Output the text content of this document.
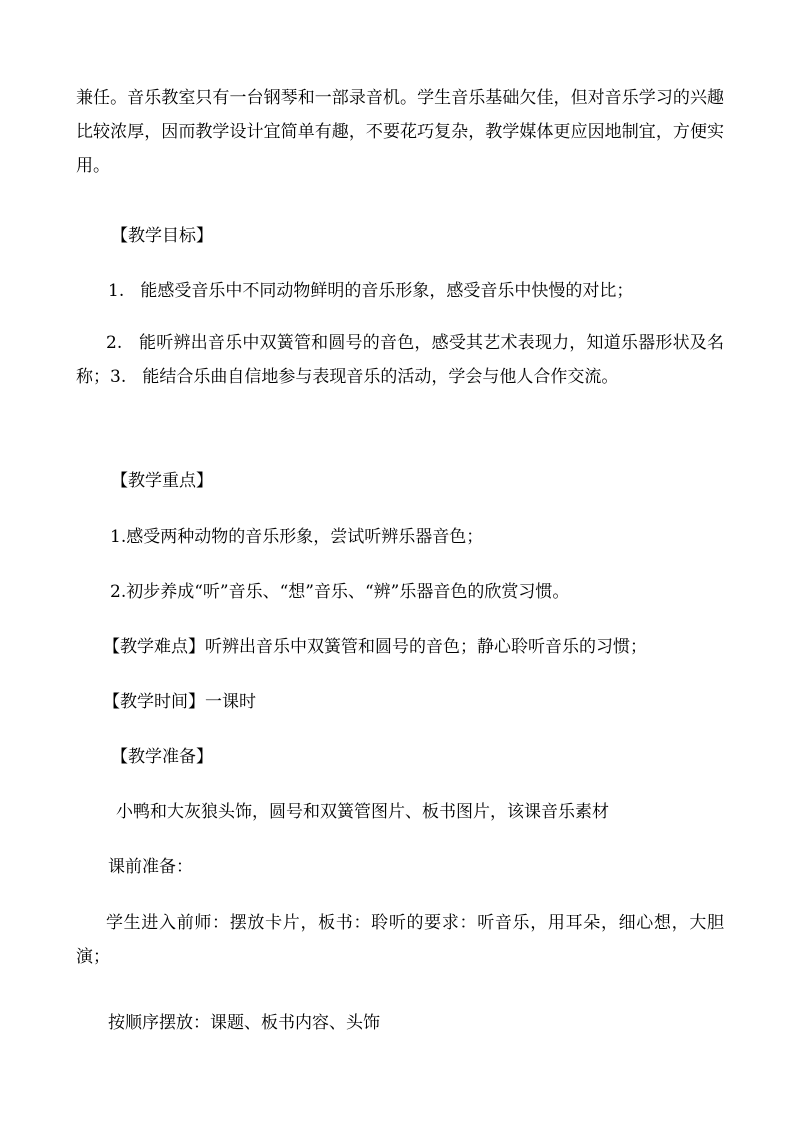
兼任。音乐教室只有一台钢琴和一部录音机。学生音乐基础欠佳，但对音乐学习的兴趣比较浓厚，因而教学设计宜简单有趣，不要花巧复杂，教学媒体更应因地制宜，方便实用。
【教学目标】
1.   能感受音乐中不同动物鲜明的音乐形象，感受音乐中快慢的对比；
2.   能听辨出音乐中双簧管和圆号的音色，感受其艺术表现力，知道乐器形状及名称；3.   能结合乐曲自信地参与表现音乐的活动，学会与他人合作交流。
【教学重点】
1.感受两种动物的音乐形象，尝试听辨乐器音色；
2.初步养成“听”音乐、“想”音乐、“辨”乐器音色的欣赏习惯。
【教学难点】听辨出音乐中双簧管和圆号的音色；静心聆听音乐的习惯；
【教学时间】一课时
【教学准备】
小鸭和大灰狼头饰，圆号和双簧管图片、板书图片，该课音乐素材
课前准备：
学生进入前师：摆放卡片，板书：聆听的要求：听音乐，用耳朵，细心想，大胆演；
按顺序摆放：课题、板书内容、头饰
